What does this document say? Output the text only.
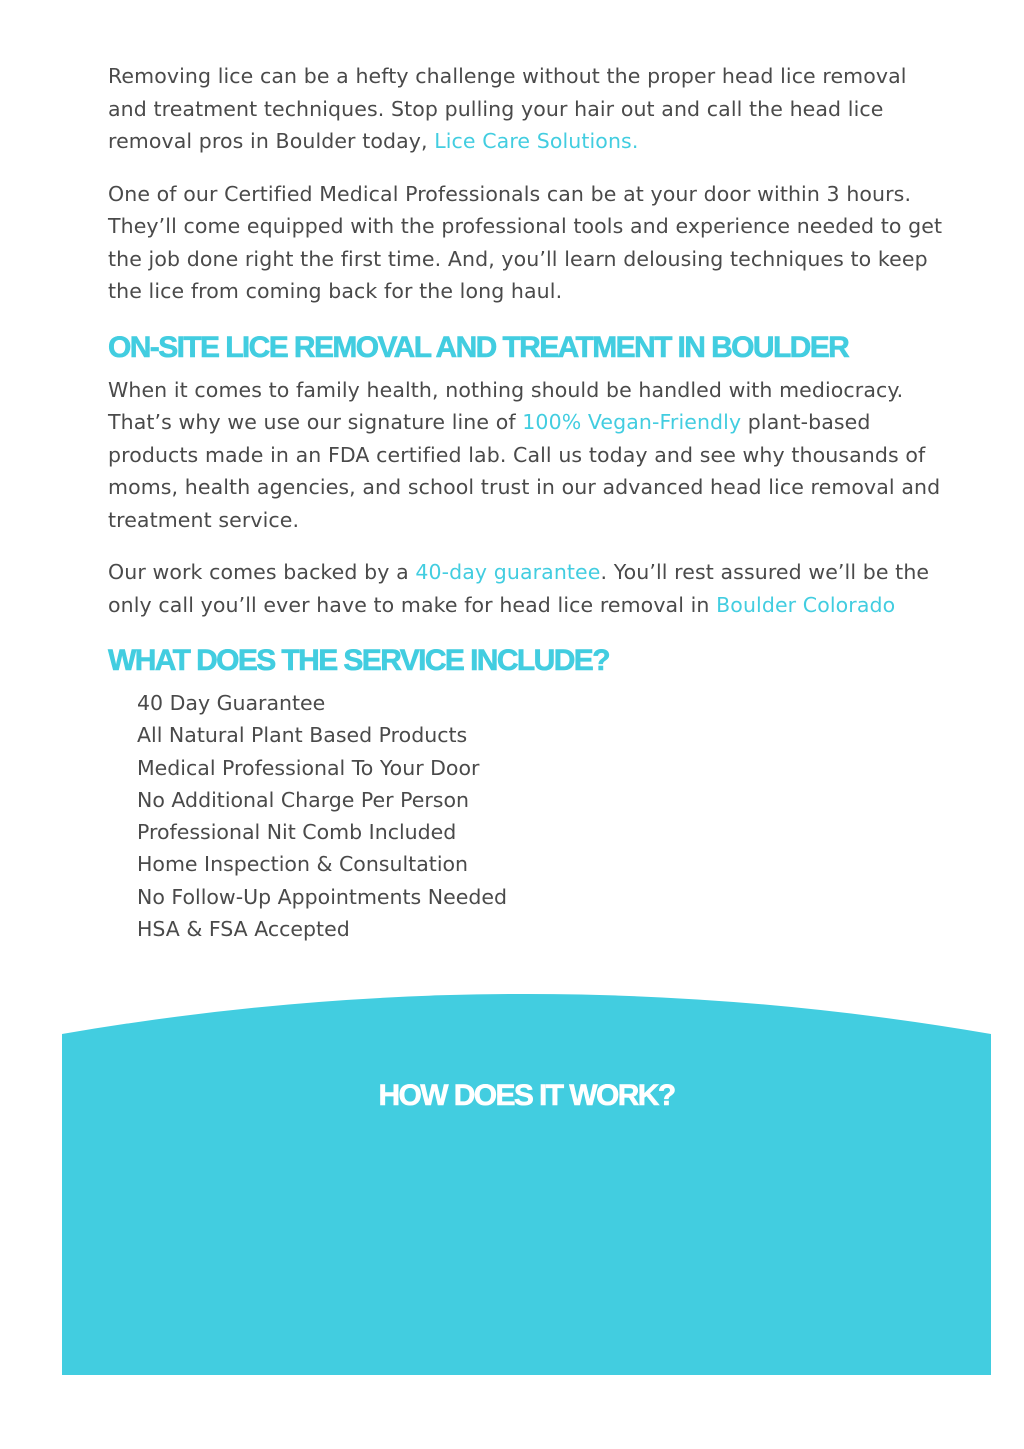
Removing lice can be a hefty challenge without the proper head lice removal and treatment techniques. Stop pulling your hair out and call the head lice removal pros in Boulder today, Lice Care Solutions.

One of our Certified Medical Professionals can be at your door within 3 hours. They’ll come equipped with the professional tools and experience needed to get the job done right the first time. And, you’ll learn delousing techniques to keep the lice from coming back for the long haul.

ON-SITE LICE REMOVAL AND TREATMENT IN BOULDER

When it comes to family health, nothing should be handled with mediocracy. That’s why we use our signature line of 100% Vegan-Friendly plant-based products made in an FDA certified lab. Call us today and see why thousands of moms, health agencies, and school trust in our advanced head lice removal and treatment service.

Our work comes backed by a 40-day guarantee. You’ll rest assured we’ll be the only call you’ll ever have to make for head lice removal in Boulder Colorado

WHAT DOES THE SERVICE INCLUDE?
40 Day Guarantee
All Natural Plant Based Products
Medical Professional To Your Door
No Additional Charge Per Person
Professional Nit Comb Included
Home Inspection & Consultation
No Follow-Up Appointments Needed
HSA & FSA Accepted
HOW DOES IT WORK?
